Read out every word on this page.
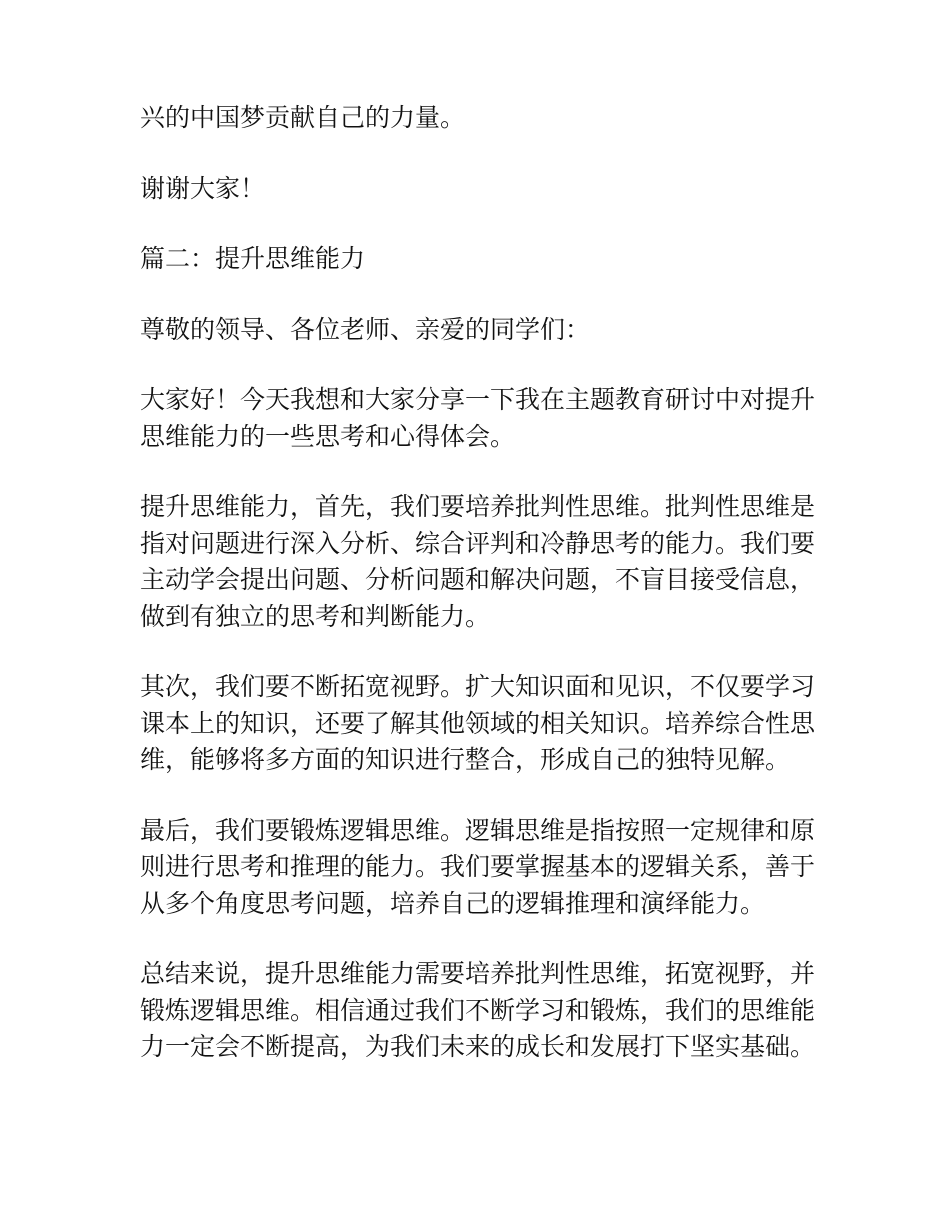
兴的中国梦贡献自己的力量。

谢谢大家！

篇二：提升思维能力

尊敬的领导、各位老师、亲爱的同学们：

大家好！今天我想和大家分享一下我在主题教育研讨中对提升
思维能力的一些思考和心得体会。

提升思维能力，首先，我们要培养批判性思维。批判性思维是
指对问题进行深入分析、综合评判和冷静思考的能力。我们要
主动学会提出问题、分析问题和解决问题，不盲目接受信息，
做到有独立的思考和判断能力。

其次，我们要不断拓宽视野。扩大知识面和见识，不仅要学习
课本上的知识，还要了解其他领域的相关知识。培养综合性思
维，能够将多方面的知识进行整合，形成自己的独特见解。

最后，我们要锻炼逻辑思维。逻辑思维是指按照一定规律和原
则进行思考和推理的能力。我们要掌握基本的逻辑关系，善于
从多个角度思考问题，培养自己的逻辑推理和演绎能力。

总结来说，提升思维能力需要培养批判性思维，拓宽视野，并
锻炼逻辑思维。相信通过我们不断学习和锻炼，我们的思维能
力一定会不断提高，为我们未来的成长和发展打下坚实基础。
